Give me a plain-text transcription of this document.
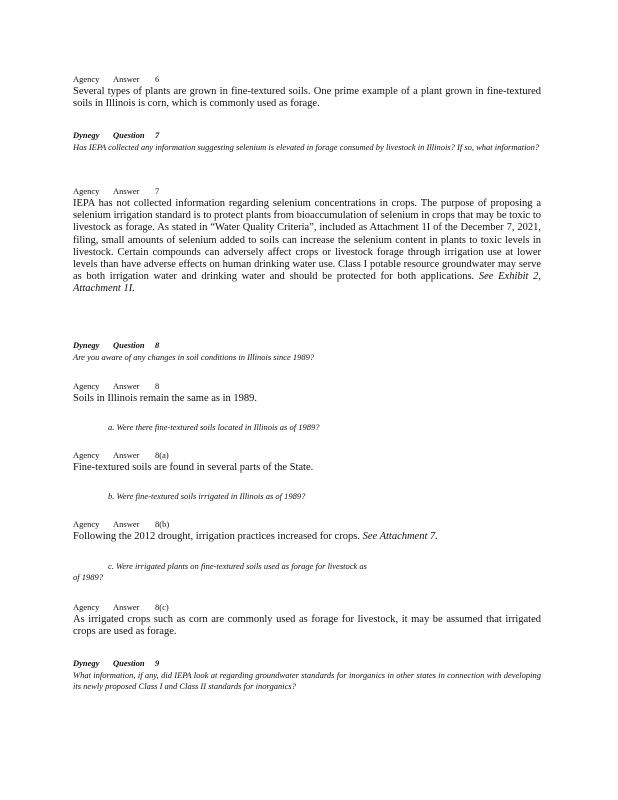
Agency Answer 6
Several types of plants are grown in fine-textured soils. One prime example of a plant grown in fine-textured soils in Illinois is corn, which is commonly used as forage.
Dynegy Question 7
Has IEPA collected any information suggesting selenium is elevated in forage consumed by livestock in Illinois? If so, what information?
Agency Answer 7
IEPA has not collected information regarding selenium concentrations in crops. The purpose of proposing a selenium irrigation standard is to protect plants from bioaccumulation of selenium in crops that may be toxic to livestock as forage. As stated in “Water Quality Criteria”, included as Attachment 1I of the December 7, 2021, filing, small amounts of selenium added to soils can increase the selenium content in plants to toxic levels in livestock. Certain compounds can adversely affect crops or livestock forage through irrigation use at lower levels than have adverse effects on human drinking water use. Class I potable resource groundwater may serve as both irrigation water and drinking water and should be protected for both applications. See Exhibit 2, Attachment 1I.
Dynegy Question 8
Are you aware of any changes in soil conditions in Illinois since 1989?
Agency Answer 8
Soils in Illinois remain the same as in 1989.
a. Were there fine-textured soils located in Illinois as of 1989?
Agency Answer 8(a)
Fine-textured soils are found in several parts of the State.
b. Were fine-textured soils irrigated in Illinois as of 1989?
Agency Answer 8(b)
Following the 2012 drought, irrigation practices increased for crops. See Attachment 7.
c. Were irrigated plants on fine-textured soils used as forage for livestock as
of 1989?
Agency Answer 8(c)
As irrigated crops such as corn are commonly used as forage for livestock, it may be assumed that irrigated crops are used as forage.
Dynegy Question 9
What information, if any, did IEPA look at regarding groundwater standards for inorganics in other states in connection with developing its newly proposed Class I and Class II standards for inorganics?
